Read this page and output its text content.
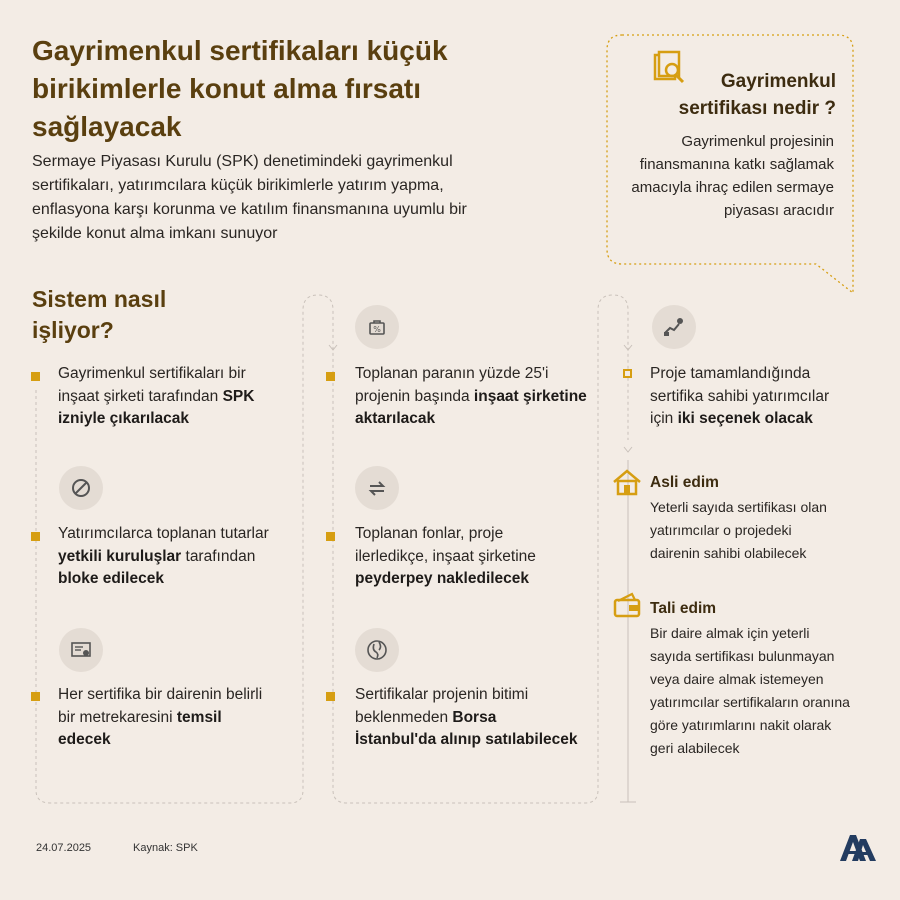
Gayrimenkul sertifikaları küçük birikimlerle konut alma fırsatı sağlayacak
Sermaye Piyasası Kurulu (SPK) denetimindeki gayrimenkul sertifikaları, yatırımcılara küçük birikimlerle yatırım yapma, enflasyona karşı korunma ve katılım finansmanına uyumlu bir şekilde konut alma imkanı sunuyor
Gayrimenkul sertifikası nedir ?
Gayrimenkul projesinin finansmanına katkı sağlamak amacıyla ihraç edilen sermaye piyasası aracıdır
Sistem nasıl işliyor?
Gayrimenkul sertifikaları bir inşaat şirketi tarafından SPK izniyle çıkarılacak
Yatırımcılarca toplanan tutarlar yetkili kuruluşlar tarafından bloke edilecek
Her sertifika bir dairenin belirli bir metrekaresini temsil edecek
%
Toplanan paranın yüzde 25'i projenin başında inşaat şirketine aktarılacak
Toplanan fonlar, proje ilerledikçe, inşaat şirketine peyderpey nakledilecek
Sertifikalar projenin bitimi beklenmeden Borsa İstanbul'da alınıp satılabilecek
Proje tamamlandığında sertifika sahibi yatırımcılar için iki seçenek olacak
Asli edim
Yeterli sayıda sertifikası olan yatırımcılar o projedeki dairenin sahibi olabilecek
Tali edim
Bir daire almak için yeterli sayıda sertifikası bulunmayan veya daire almak istemeyen yatırımcılar sertifikaların oranına göre yatırımlarını nakit olarak geri alabilecek
24.07.2025	Kaynak: SPK
